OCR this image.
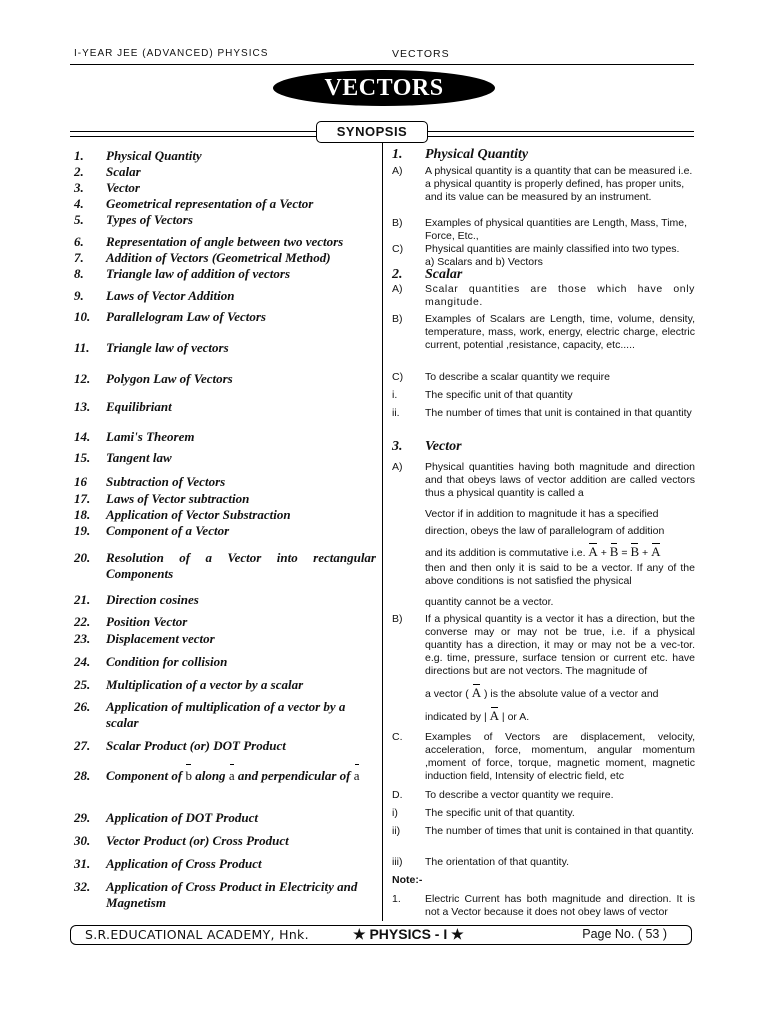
I-YEAR JEE (ADVANCED) PHYSICS	VECTORS
VECTORS
SYNOPSIS
1. Physical Quantity
2. Scalar
3. Vector
4. Geometrical representation of a Vector
5. Types of Vectors
6. Representation of angle between two vectors
7. Addition of Vectors (Geometrical Method)
8. Triangle law of addition of vectors
9. Laws of Vector Addition
10. Parallelogram Law of Vectors
11. Triangle law of vectors
12. Polygon Law of Vectors
13. Equilibriant
14. Lami's Theorem
15. Tangent law
16 Subtraction of Vectors
17. Laws of Vector subtraction
18. Application of Vector Substraction
19. Component of a Vector
20. Resolution of a Vector into rectangular Components
21. Direction cosines
22. Position Vector
23. Displacement vector
24. Condition for collision
25. Multiplication of a vector by a scalar
26. Application of multiplication of a vector by a scalar
27. Scalar Product (or) DOT Product
28. Component of b along a and perpendicular of a
29. Application of DOT Product
30. Vector Product (or) Cross Product
31. Application of Cross Product
32. Application of Cross Product in Electricity and Magnetism
1. Physical Quantity
A) A physical quantity is a quantity that can be measured i.e. a physical quantity is properly defined, has proper units, and its value can be measured by an instrument.
B) Examples of physical quantities are Length, Mass, Time, Force, Etc.,
C) Physical quantities are mainly classified into two types.
a) Scalars and b) Vectors
2. Scalar
A) Scalar quantities are those which have only mangitude.
B) Examples of Scalars are Length, time, volume, density, temperature, mass, work, energy, electric charge, electric current, potential ,resistance, capacity, etc.....
C) To describe a scalar quantity we require
i.	The specific unit of that quantity
ii. The number of times that unit is contained in that quantity
3. Vector
A) Physical quantities having both magnitude and direction and that obeys laws of vector addition are called vectors thus a physical quantity is called a
Vector if in addition to magnitude it has a specified
direction, obeys the law of parallelogram of addition
and its addition is commutative i.e. A + B = B + A
then and then only it is said to be a vector. If any of the above conditions is not satisfied the physical
quantity cannot be a vector.
B) If a physical quantity is a vector it has a direction, but the converse may or may not be true, i.e. if a physical quantity has a direction, it may or may not be a vec-tor. e.g. time, pressure, surface tension or current etc. have directions but are not vectors. The magnitude of
a vector ( A ) is the absolute value of a vector and
indicated by | A | or A.
C. Examples of Vectors are displacement, velocity, acceleration, force, momentum, angular momentum ,moment of force, torque, magnetic moment, magnetic induction field, Intensity of electric field, etc
D. To describe a vector quantity we require.
i)	The specific unit of that quantity.
ii) The number of times that unit is contained in that quantity.
iii) The orientation of that quantity.
Note:-
1. Electric Current has both magnitude and direction. It is not a Vector because it does not obey laws of vector
S.R.EDUCATIONAL ACADEMY, Hnk.	★ PHYSICS - I ★	Page No. ( 53 )
